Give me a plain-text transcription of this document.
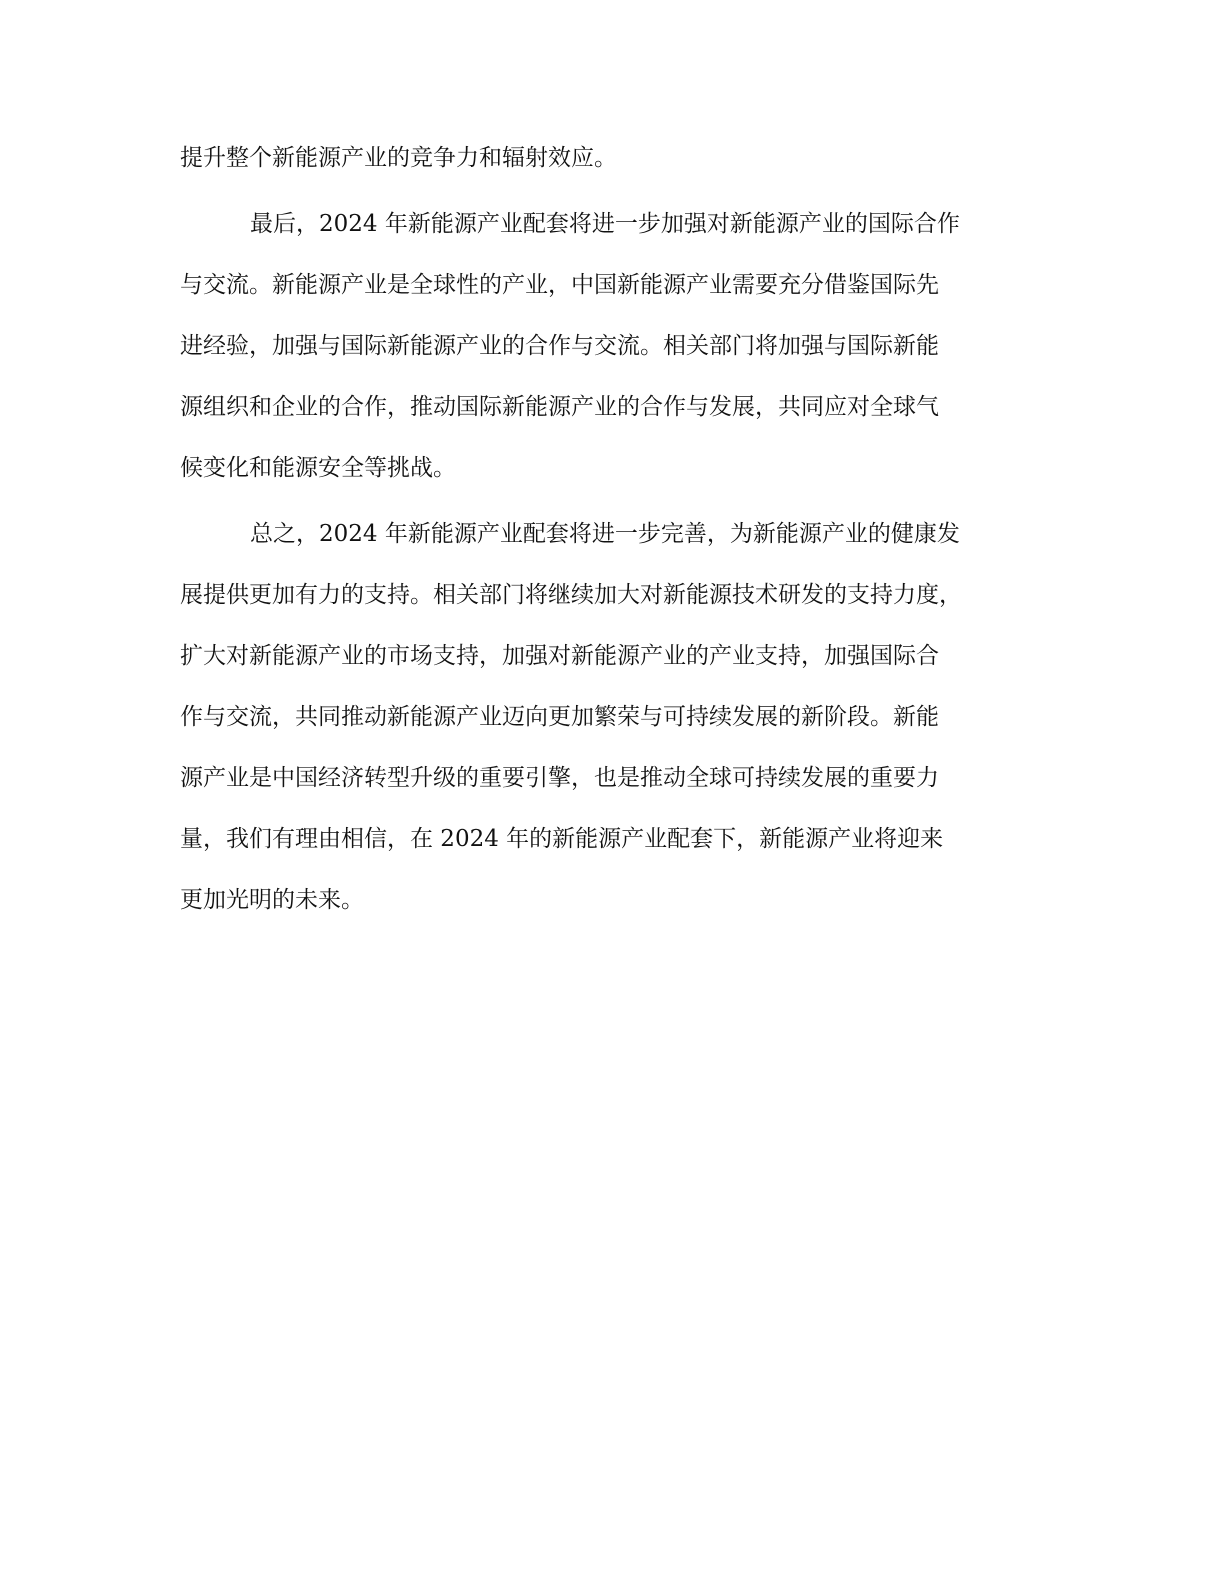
提升整个新能源产业的竞争力和辐射效应。
最后，2024 年新能源产业配套将进一步加强对新能源产业的国际合作
与交流。新能源产业是全球性的产业，中国新能源产业需要充分借鉴国际先
进经验，加强与国际新能源产业的合作与交流。相关部门将加强与国际新能
源组织和企业的合作，推动国际新能源产业的合作与发展，共同应对全球气
候变化和能源安全等挑战。
总之，2024 年新能源产业配套将进一步完善，为新能源产业的健康发
展提供更加有力的支持。相关部门将继续加大对新能源技术研发的支持力度，
扩大对新能源产业的市场支持，加强对新能源产业的产业支持，加强国际合
作与交流，共同推动新能源产业迈向更加繁荣与可持续发展的新阶段。新能
源产业是中国经济转型升级的重要引擎，也是推动全球可持续发展的重要力
量，我们有理由相信，在 2024 年的新能源产业配套下，新能源产业将迎来
更加光明的未来。
